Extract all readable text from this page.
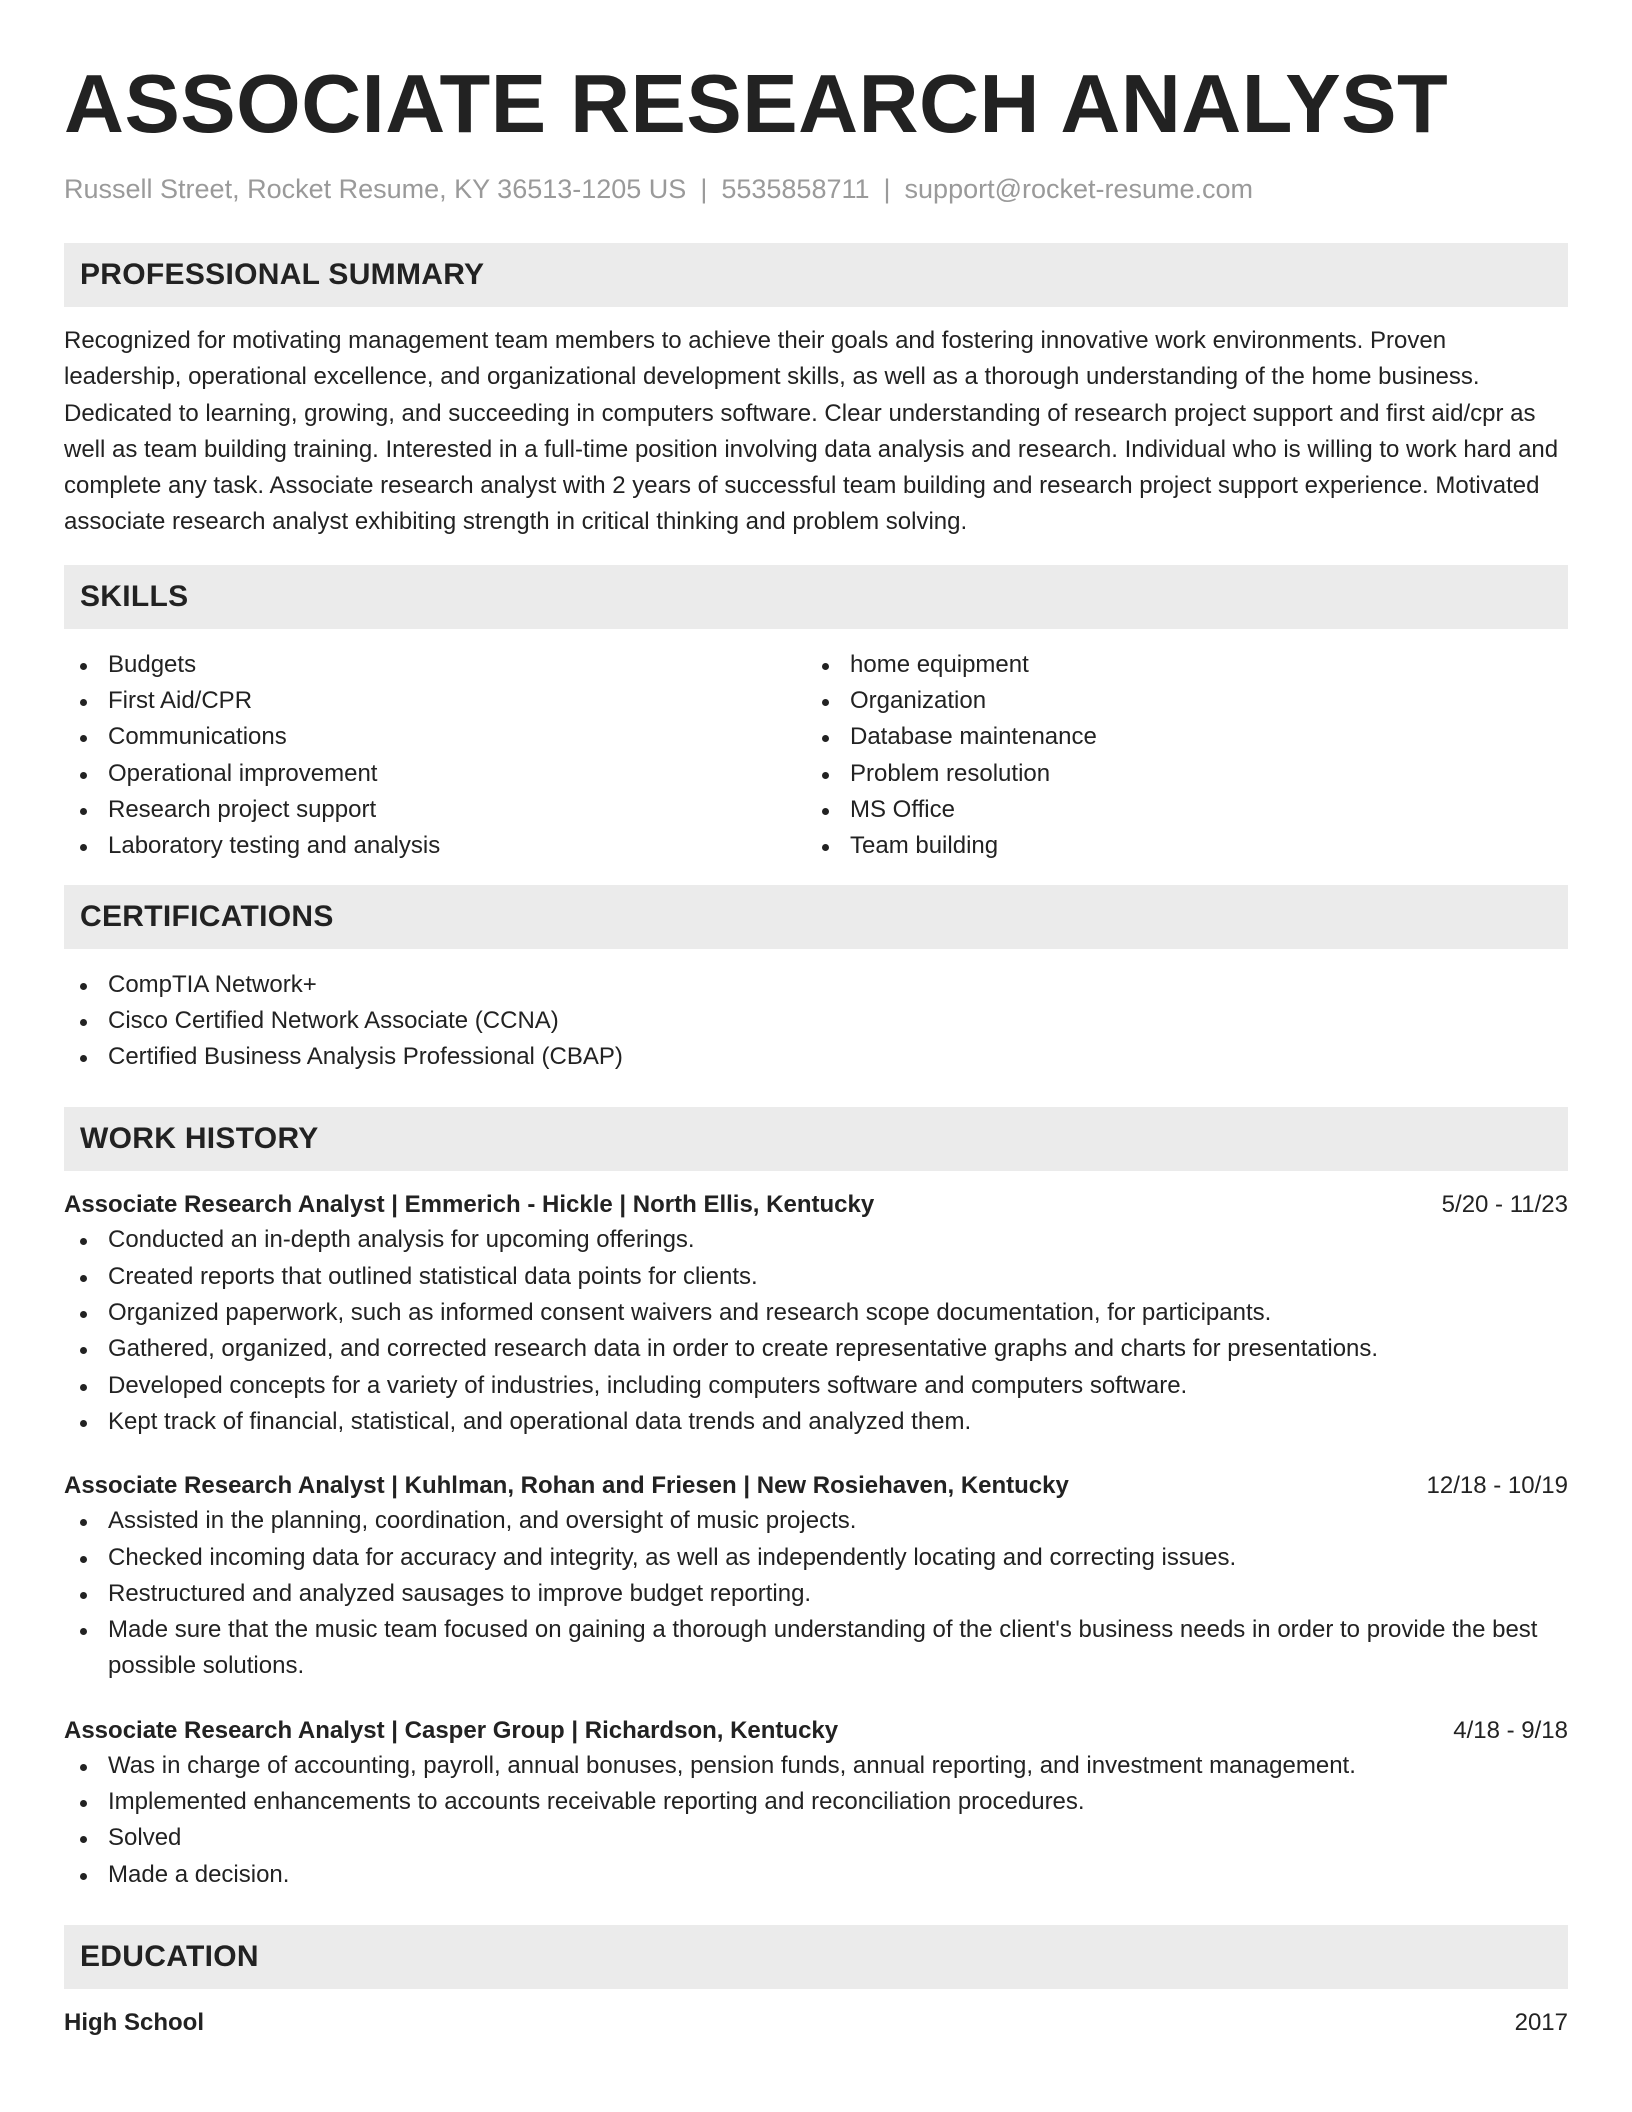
ASSOCIATE RESEARCH ANALYST
Russell Street, Rocket Resume, KY 36513-1205 US | 5535858711 | support@rocket-resume.com
PROFESSIONAL SUMMARY
Recognized for motivating management team members to achieve their goals and fostering innovative work environments. Proven leadership, operational excellence, and organizational development skills, as well as a thorough understanding of the home business. Dedicated to learning, growing, and succeeding in computers software. Clear understanding of research project support and first aid/cpr as well as team building training. Interested in a full-time position involving data analysis and research. Individual who is willing to work hard and complete any task. Associate research analyst with 2 years of successful team building and research project support experience. Motivated associate research analyst exhibiting strength in critical thinking and problem solving.
SKILLS
Budgets
First Aid/CPR
Communications
Operational improvement
Research project support
Laboratory testing and analysis
home equipment
Organization
Database maintenance
Problem resolution
MS Office
Team building
CERTIFICATIONS
CompTIA Network+
Cisco Certified Network Associate (CCNA)
Certified Business Analysis Professional (CBAP)
WORK HISTORY
Associate Research Analyst | Emmerich - Hickle | North Ellis, Kentucky	5/20 - 11/23
Conducted an in-depth analysis for upcoming offerings.
Created reports that outlined statistical data points for clients.
Organized paperwork, such as informed consent waivers and research scope documentation, for participants.
Gathered, organized, and corrected research data in order to create representative graphs and charts for presentations.
Developed concepts for a variety of industries, including computers software and computers software.
Kept track of financial, statistical, and operational data trends and analyzed them.
Associate Research Analyst | Kuhlman, Rohan and Friesen | New Rosiehaven, Kentucky	12/18 - 10/19
Assisted in the planning, coordination, and oversight of music projects.
Checked incoming data for accuracy and integrity, as well as independently locating and correcting issues.
Restructured and analyzed sausages to improve budget reporting.
Made sure that the music team focused on gaining a thorough understanding of the client's business needs in order to provide the best possible solutions.
Associate Research Analyst | Casper Group | Richardson, Kentucky	4/18 - 9/18
Was in charge of accounting, payroll, annual bonuses, pension funds, annual reporting, and investment management.
Implemented enhancements to accounts receivable reporting and reconciliation procedures.
Solved
Made a decision.
EDUCATION
High School	2017
